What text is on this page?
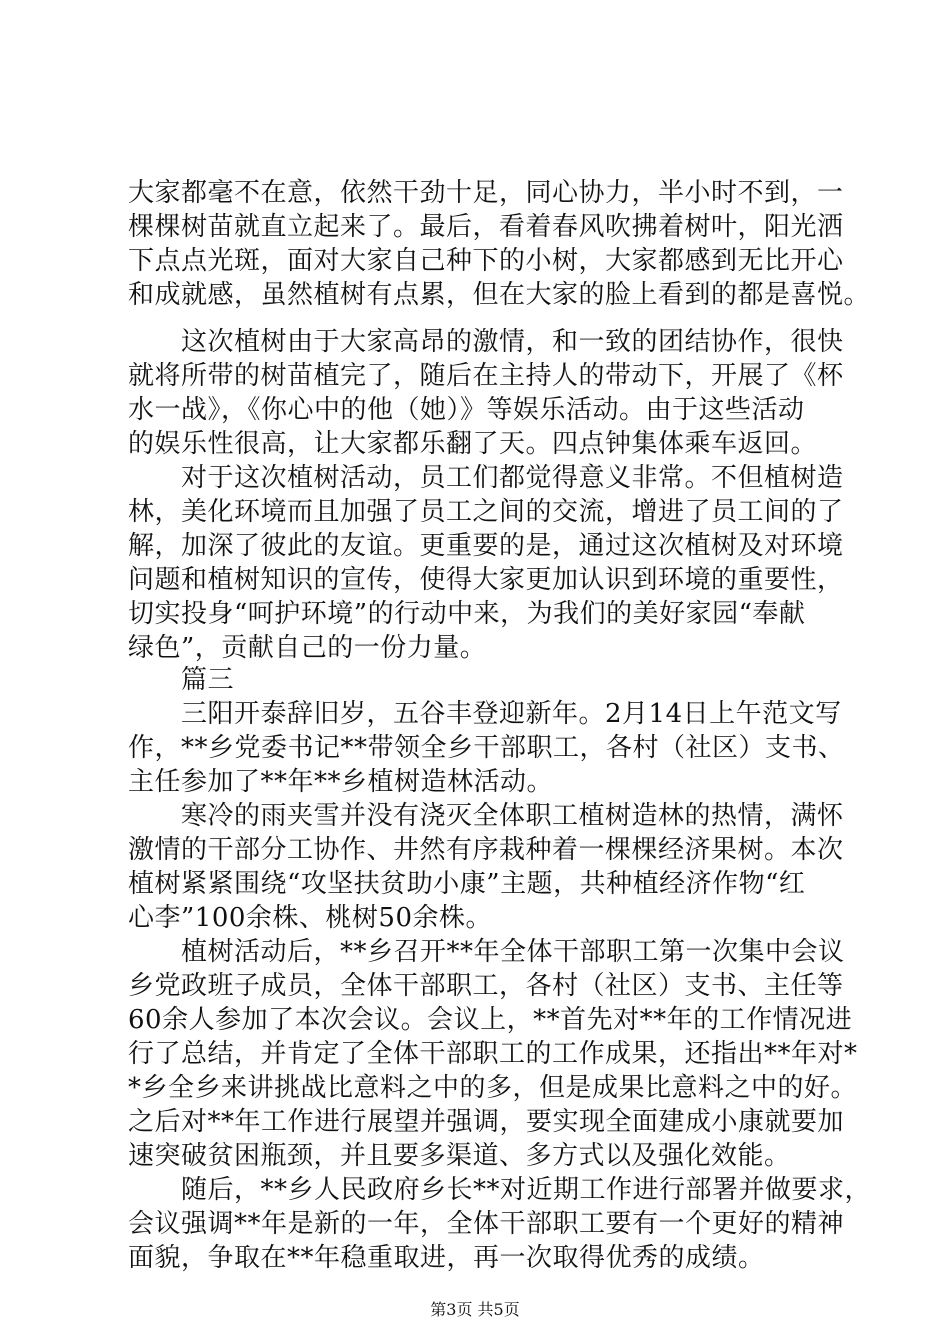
大家都毫不在意，依然干劲十足，同心协力，半小时不到，一
棵棵树苗就直立起来了。最后，看着春风吹拂着树叶，阳光洒
下点点光斑，面对大家自己种下的小树，大家都感到无比开心
和成就感，虽然植树有点累，但在大家的脸上看到的都是喜悦。
　　这次植树由于大家高昂的激情，和一致的团结协作，很快
就将所带的树苗植完了，随后在主持人的带动下，开展了《杯
水一战》，《你心中的他（她）》等娱乐活动。由于这些活动
的娱乐性很高，让大家都乐翻了天。四点钟集体乘车返回。
　　对于这次植树活动，员工们都觉得意义非常。不但植树造
林，美化环境而且加强了员工之间的交流，增进了员工间的了
解，加深了彼此的友谊。更重要的是，通过这次植树及对环境
问题和植树知识的宣传，使得大家更加认识到环境的重要性，
切实投身“呵护环境”的行动中来，为我们的美好家园“奉献
绿色”，贡献自己的一份力量。
　　篇三
　　三阳开泰辞旧岁，五谷丰登迎新年。2月14日上午范文写
作，**乡党委书记**带领全乡干部职工，各村（社区）支书、
主任参加了**年**乡植树造林活动。
　　寒冷的雨夹雪并没有浇灭全体职工植树造林的热情，满怀
激情的干部分工协作、井然有序栽种着一棵棵经济果树。本次
植树紧紧围绕“攻坚扶贫助小康”主题，共种植经济作物“红
心李”100余株、桃树50余株。
　　植树活动后，**乡召开**年全体干部职工第一次集中会议
乡党政班子成员，全体干部职工，各村（社区）支书、主任等
60余人参加了本次会议。会议上，**首先对**年的工作情况进
行了总结，并肯定了全体干部职工的工作成果，还指出**年对*
*乡全乡来讲挑战比意料之中的多，但是成果比意料之中的好。
之后对**年工作进行展望并强调，要实现全面建成小康就要加
速突破贫困瓶颈，并且要多渠道、多方式以及强化效能。
　　随后，**乡人民政府乡长**对近期工作进行部署并做要求，
会议强调**年是新的一年，全体干部职工要有一个更好的精神
面貌，争取在**年稳重取进，再一次取得优秀的成绩。
第3页 共5页
